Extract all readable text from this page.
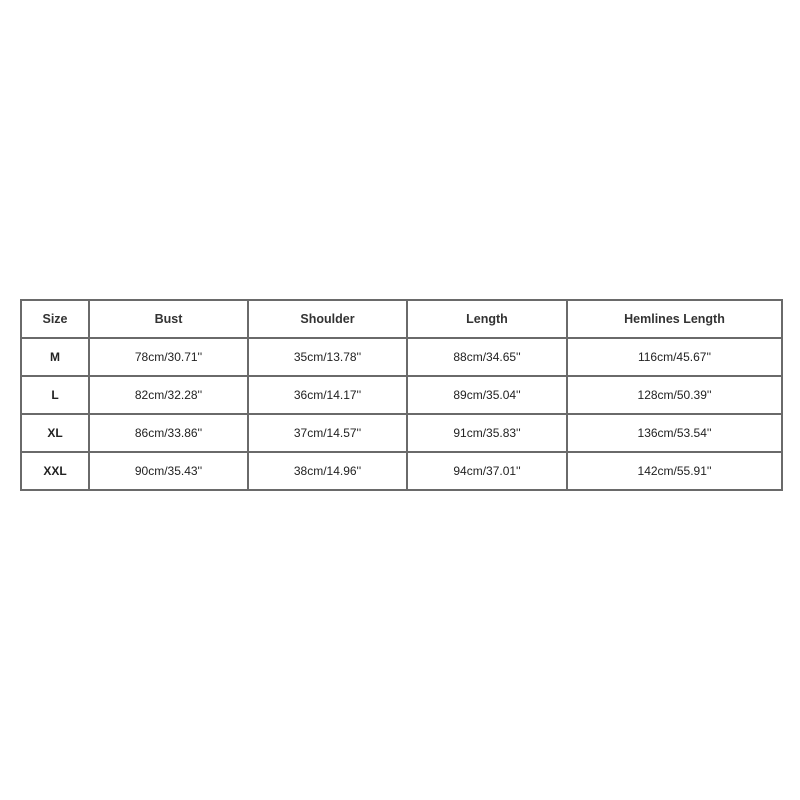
Size	Bust	Shoulder	Length	Hemlines Length
M	78cm/30.71''	35cm/13.78''	88cm/34.65''	116cm/45.67''
L	82cm/32.28''	36cm/14.17''	89cm/35.04''	128cm/50.39''
XL	86cm/33.86''	37cm/14.57''	91cm/35.83''	136cm/53.54''
XXL	90cm/35.43''	38cm/14.96''	94cm/37.01''	142cm/55.91''
